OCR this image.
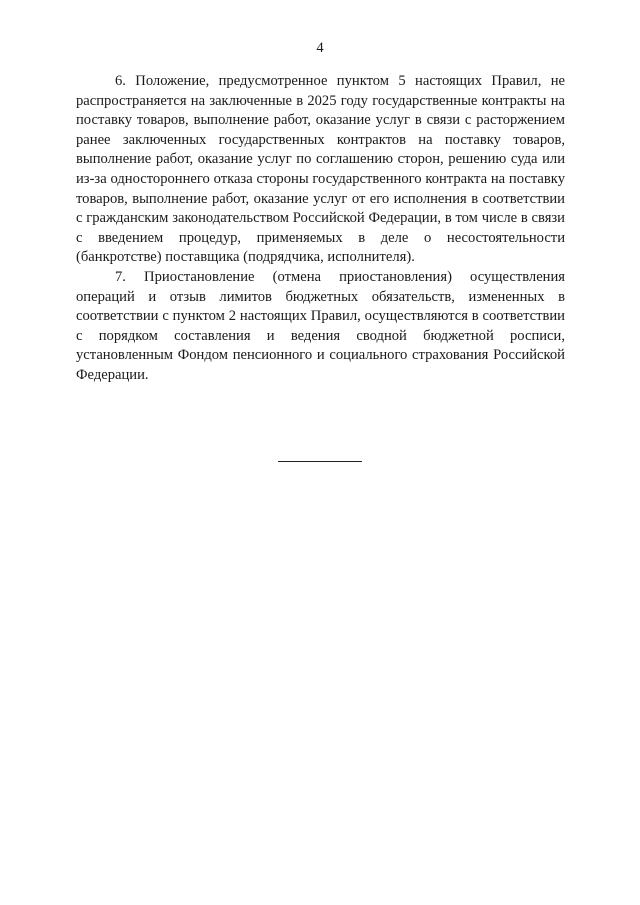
4

6. Положение, предусмотренное пунктом 5 настоящих Правил, не распространяется на заключенные в 2025 году государственные контракты на поставку товаров, выполнение работ, оказание услуг в связи с расторжением ранее заключенных государственных контрактов на поставку товаров, выполнение работ, оказание услуг по соглашению сторон, решению суда или из-за одностороннего отказа стороны государственного контракта на поставку товаров, выполнение работ, оказание услуг от его исполнения в соответствии с гражданским законодательством Российской Федерации, в том числе в связи с введением процедур, применяемых в деле о несостоятельности (банкротстве) поставщика (подрядчика, исполнителя).

7. Приостановление (отмена приостановления) осуществления операций и отзыв лимитов бюджетных обязательств, измененных в соответствии с пунктом 2 настоящих Правил, осуществляются в соответствии с порядком составления и ведения сводной бюджетной росписи, установленным Фондом пенсионного и социального страхования Российской Федерации.
